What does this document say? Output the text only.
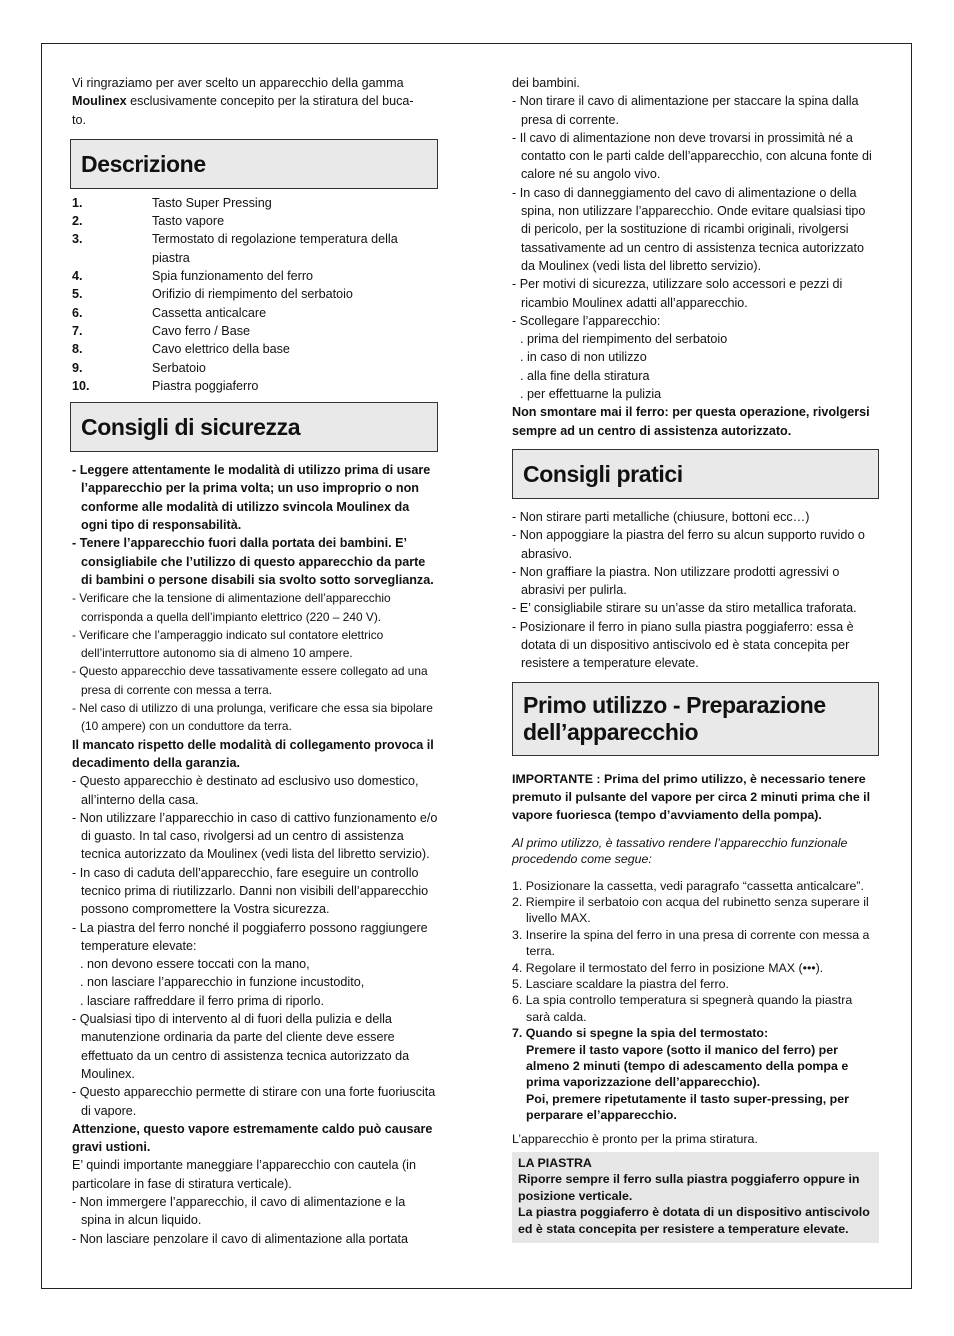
Vi ringraziamo per aver scelto un apparecchio della gamma
Moulinex esclusivamente concepito per la stiratura del buca-
to.

Descrizione
1.	Tasto Super Pressing
2.	Tasto vapore
3.	Termostato di regolazione temperatura della piastra
4.	Spia funzionamento del ferro
5.	Orifizio di riempimento del serbatoio
6.	Cassetta anticalcare
7.	Cavo ferro / Base
8.	Cavo elettrico della base
9.	Serbatoio
10.	Piastra poggiaferro
Consigli di sicurezza

- Leggere attentamente le modalità di utilizzo prima di usare l’apparecchio per la prima volta; un uso improprio o non conforme alle modalità di utilizzo svincola Moulinex da ogni tipo di responsabilità.

- Tenere l’apparecchio fuori dalla portata dei bambini. E’ consigliabile che l’utilizzo di questo apparecchio da parte di bambini o persone disabili sia svolto sotto sorveglianza.

- Verificare che la tensione di alimentazione dell’apparecchio corrisponda a quella dell’impianto elettrico (220 – 240 V).

- Verificare che l’amperaggio indicato sul contatore elettrico dell’interruttore autonomo sia di almeno 10 ampere.

- Questo apparecchio deve tassativamente essere collegato ad una presa di corrente con messa a terra.

- Nel caso di utilizzo di una prolunga, verificare che essa sia bipolare (10 ampere) con un conduttore da terra.

Il mancato rispetto delle modalità di collegamento provoca il decadimento della garanzia.

- Questo apparecchio è destinato ad esclusivo uso domestico, all’interno della casa.

- Non utilizzare l’apparecchio in caso di cattivo funzionamento e/o di guasto. In tal caso, rivolgersi ad un centro di assistenza tecnica autorizzato da Moulinex (vedi lista del libretto servizio).

- In caso di caduta dell’apparecchio, fare eseguire un controllo tecnico prima di riutilizzarlo. Danni non visibili dell’apparecchio possono compromettere la Vostra sicurezza.

- La piastra del ferro nonché il poggiaferro possono raggiungere temperature elevate:

. non devono essere toccati con la mano,

. non lasciare l’apparecchio in funzione incustodito,

. lasciare raffreddare il ferro prima di riporlo.

- Qualsiasi tipo di intervento al di fuori della pulizia e della manutenzione ordinaria da parte del cliente deve essere effettuato da un centro di assistenza tecnica autorizzato da Moulinex.

- Questo apparecchio permette di stirare con una forte fuoriuscita di vapore.

Attenzione, questo vapore estremamente caldo può causare gravi ustioni.

E’ quindi importante maneggiare l’apparecchio con cautela (in particolare in fase di stiratura verticale).

- Non immergere l’apparecchio, il cavo di alimentazione e la spina in alcun liquido.

- Non lasciare penzolare il cavo di alimentazione alla portata

dei bambini.

- Non tirare il cavo di alimentazione per staccare la spina dalla presa di corrente.

- Il cavo di alimentazione non deve trovarsi in prossimità né a contatto con le parti calde dell’apparecchio, con alcuna fonte di calore né su angolo vivo.

- In caso di danneggiamento del cavo di alimentazione o della spina, non utilizzare l’apparecchio. Onde evitare qualsiasi tipo di pericolo, per la sostituzione di ricambi originali, rivolgersi tassativamente ad un centro di assistenza tecnica autorizzato da Moulinex (vedi lista del libretto servizio).

- Per motivi di sicurezza, utilizzare solo accessori e pezzi di ricambio Moulinex adatti all’apparecchio.

- Scollegare l’apparecchio:

. prima del riempimento del serbatoio

. in caso di non utilizzo

. alla fine della stiratura

. per effettuarne la pulizia

Non smontare mai il ferro: per questa operazione, rivolgersi sempre ad un centro di assistenza autorizzato.

Consigli pratici

- Non stirare parti metalliche (chiusure, bottoni ecc…)

- Non appoggiare la piastra del ferro su alcun supporto ruvido o abrasivo.

- Non graffiare la piastra. Non utilizzare prodotti agressivi o abrasivi per pulirla.

- E’ consigliabile stirare su un’asse da stiro metallica traforata.

- Posizionare il ferro in piano sulla piastra poggiaferro: essa è dotata di un dispositivo antiscivolo ed è stata concepita per resistere a temperature elevate.

Primo utilizzo - Preparazione
dell’apparecchio

IMPORTANTE : Prima del primo utilizzo, è necessario tenere premuto il pulsante del vapore per circa 2 minuti prima che il vapore fuoriesca (tempo d’avviamento della pompa).

Al primo utilizzo, è tassativo rendere l’apparecchio funzionale procedendo come segue:

1. Posizionare la cassetta, vedi paragrafo “cassetta anticalcare”.

2. Riempire il serbatoio con acqua del rubinetto senza superare il livello MAX.

3. Inserire la spina del ferro in una presa di corrente con messa a terra.

4. Regolare il termostato del ferro in posizione MAX (•••).

5. Lasciare scaldare la piastra del ferro.

6. La spia controllo temperatura si spegnerà quando la piastra sarà calda.

7. Quando si spegne la spia del termostato:

Premere il tasto vapore (sotto il manico del ferro) per almeno 2 minuti (tempo di adescamento della pompa e prima vaporizzazione dell’apparecchio).

Poi, premere ripetutamente il tasto super-pressing, per perparare el’apparecchio.

L’apparecchio è pronto per la prima stiratura.

LA PIASTRA

Riporre sempre il ferro sulla piastra poggiaferro oppure in posizione verticale.

La piastra poggiaferro è dotata di un dispositivo antiscivolo ed è stata concepita per resistere a temperature elevate.
